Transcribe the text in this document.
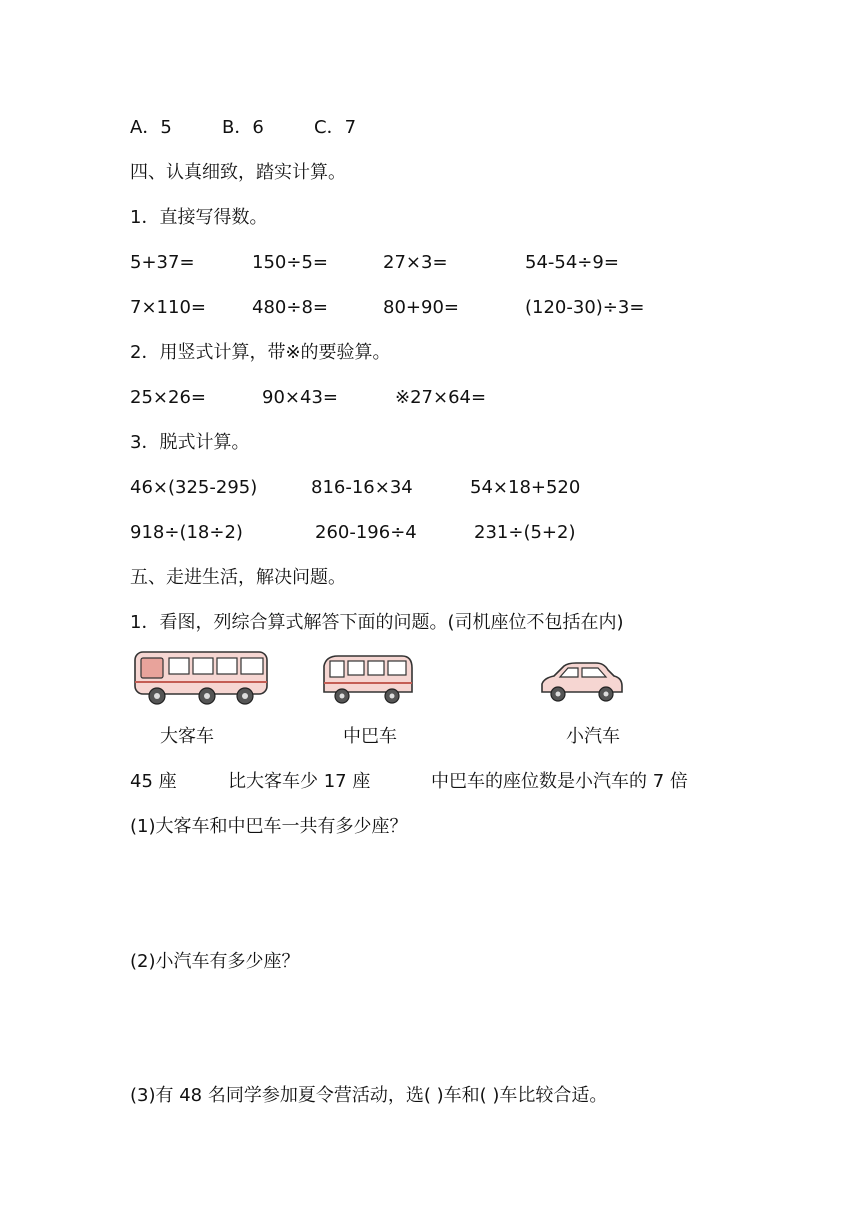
A．5	B．6	C．7
四、认真细致，踏实计算。
1．直接写得数。
5+37=	150÷5=	27×3=	54-54÷9=
7×110=	480÷8=	80+90=	(120-30)÷3=
2．用竖式计算，带※的要验算。
25×26=	90×43=	※27×64=
3．脱式计算。
46×(325-295)	816-16×34	54×18+520
918÷(18÷2)	260-196÷4	231÷(5+2)
五、走进生活，解决问题。
1．看图，列综合算式解答下面的问题。(司机座位不包括在内)
大客车	中巴车	小汽车
45 座	比大客车少 17 座	中巴车的座位数是小汽车的 7 倍
(1)大客车和中巴车一共有多少座？
(2)小汽车有多少座？
(3)有 48 名同学参加夏令营活动，选( )车和( )车比较合适。
